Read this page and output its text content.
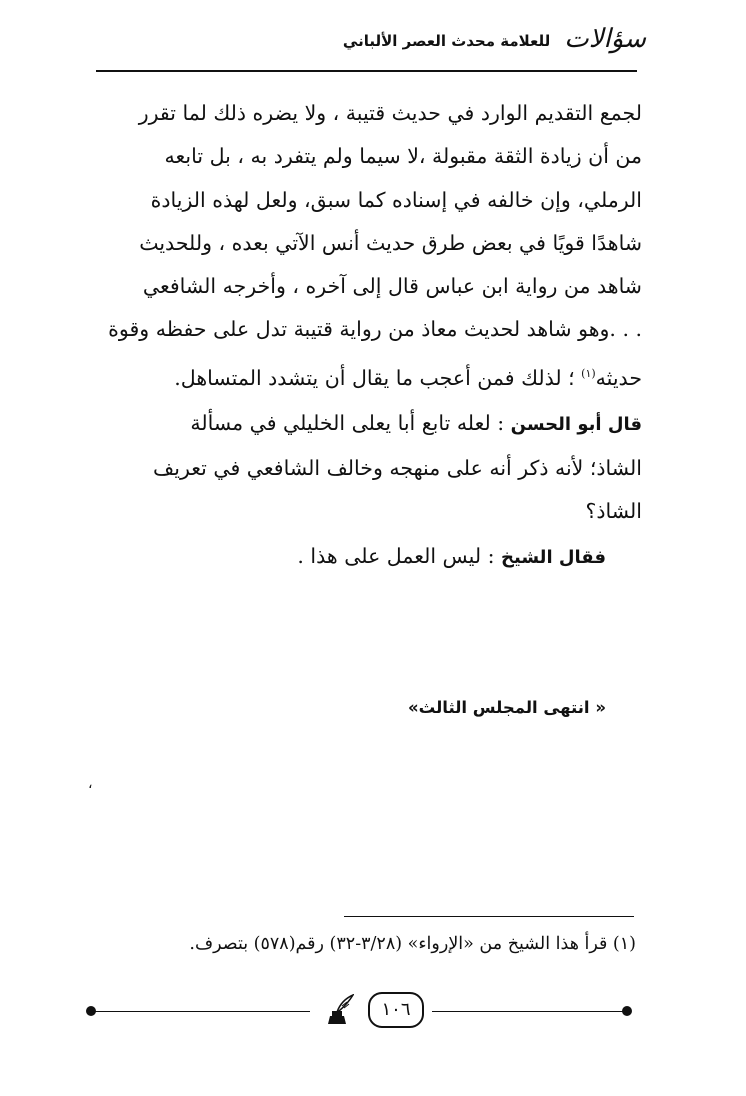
سؤالات
للعلامة محدث العصر الألباني

لجمع التقديم الوارد في حديث قتيبة ، ولا يضره ذلك لما تقرر

من أن زيادة الثقة مقبولة ،لا سيما ولم يتفرد به ، بل تابعه

الرملي، وإن خالفه في إسناده كما سبق، ولعل لهذه الزيادة

شاهدًا قويًا في بعض طرق حديث أنس الآتي بعده ، وللحديث

شاهد من رواية ابن عباس قال إلى آخره ، وأخرجه الشافعي

. . .وهو شاهد لحديث معاذ من رواية قتيبة تدل على حفظه وقوة

حديثه$^{(١)}$ ؛ لذلك فمن أعجب ما يقال أن يتشدد المتساهل.

قال أبو الحسن : لعله تابع أبا يعلى الخليلي في مسألة

الشاذ؛ لأنه ذكر أنه على منهجه وخالف الشافعي في تعريف

الشاذ؟

فقال الشيخ : ليس العمل على هذا .
« انتهى المجلس الثالث»
،
(١) قرأ هذا الشيخ من «الإرواء» (٣/٢٨-٣٢) رقم(٥٧٨) بتصرف.
١٠٦
